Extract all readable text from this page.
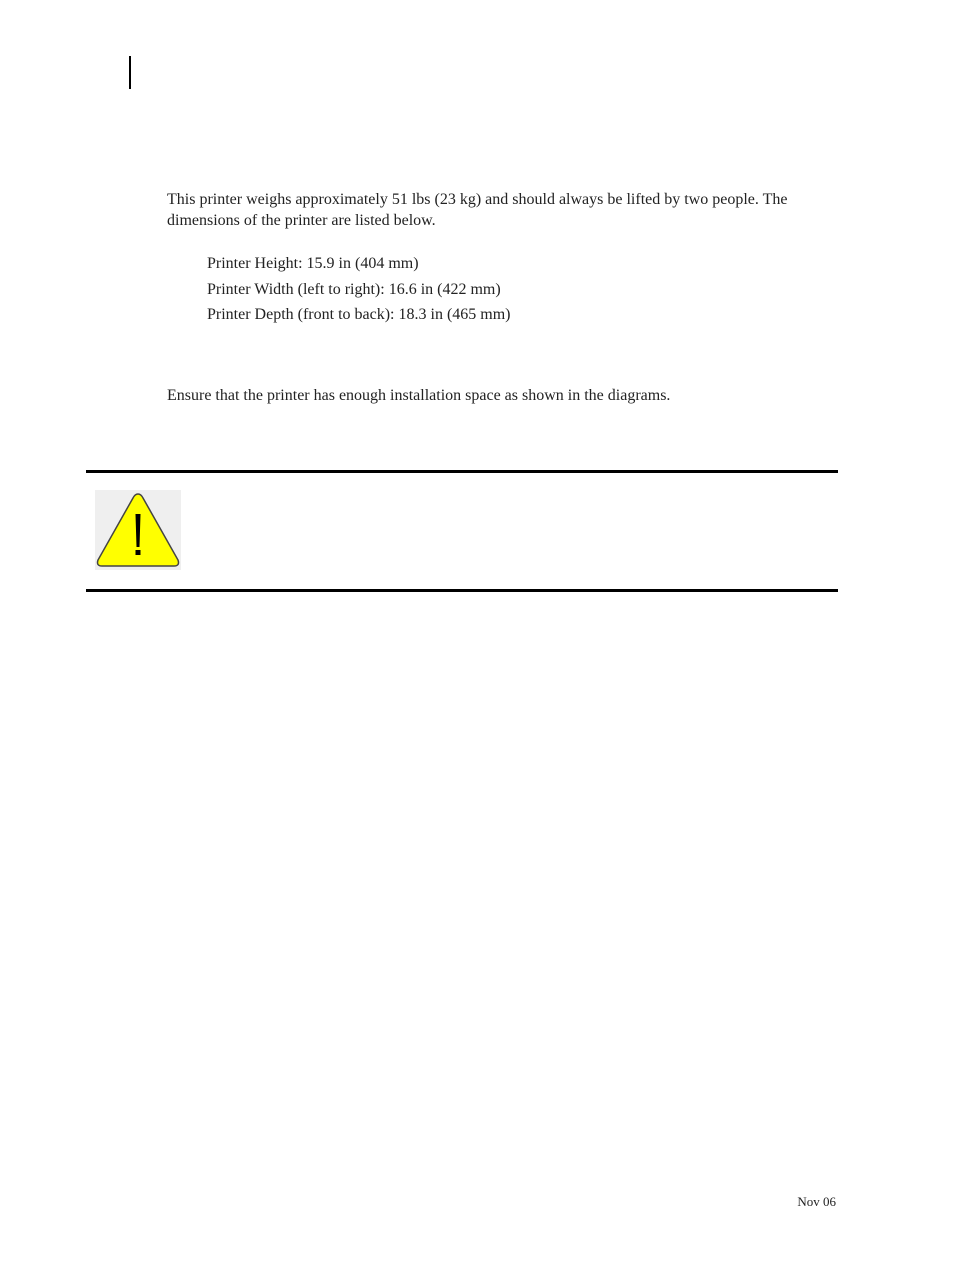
This printer weighs approximately 51 lbs (23 kg) and should always be lifted by two people. The dimensions of the printer are listed below.

Printer Height: 15.9 in (404 mm)
Printer Width (left to right): 16.6 in (422 mm)
Printer Depth (front to back): 18.3 in (465 mm)

Ensure that the printer has enough installation space as shown in the diagrams.

Nov 06
